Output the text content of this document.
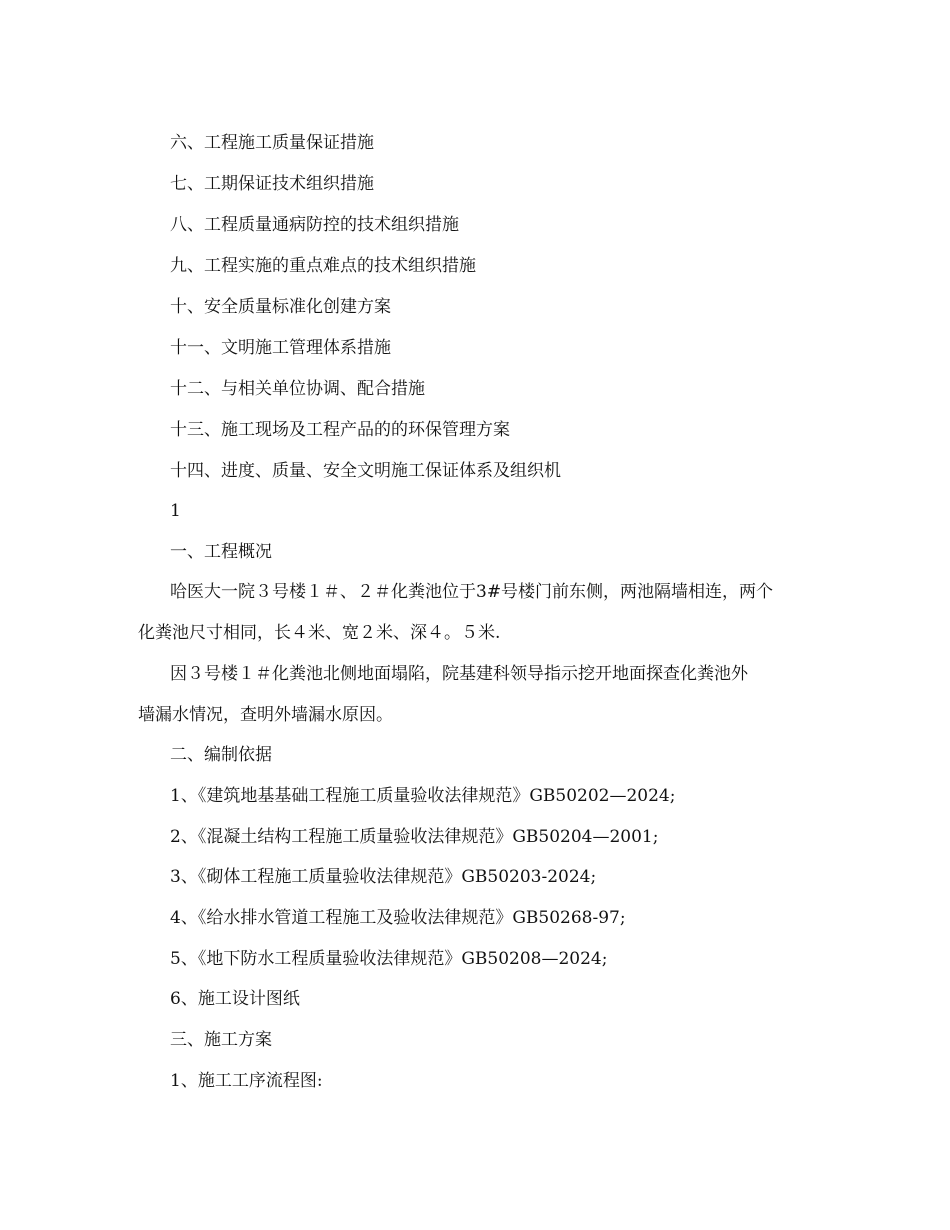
六、工程施工质量保证措施
七、工期保证技术组织措施
八、工程质量通病防控的技术组织措施
九、工程实施的重点难点的技术组织措施
十、安全质量标准化创建方案
十一、文明施工管理体系措施
十二、与相关单位协调、配合措施
十三、施工现场及工程产品的的环保管理方案
十四、进度、质量、安全文明施工保证体系及组织机
1
一、工程概况
哈医大一院３号楼１＃、２＃化粪池位于3#号楼门前东侧，两池隔墙相连，两个
化粪池尺寸相同，长４米、宽２米、深４。５米.
因３号楼１＃化粪池北侧地面塌陷，院基建科领导指示挖开地面探查化粪池外
墙漏水情况，查明外墙漏水原因。
二、编制依据
1、《建筑地基基础工程施工质量验收法律规范》GB50202—2024;
2、《混凝土结构工程施工质量验收法律规范》GB50204—2001;
3、《砌体工程施工质量验收法律规范》GB50203-2024;
4、《给水排水管道工程施工及验收法律规范》GB50268-97;
5、《地下防水工程质量验收法律规范》GB50208—2024;
6、施工设计图纸
三、施工方案
1、施工工序流程图:
